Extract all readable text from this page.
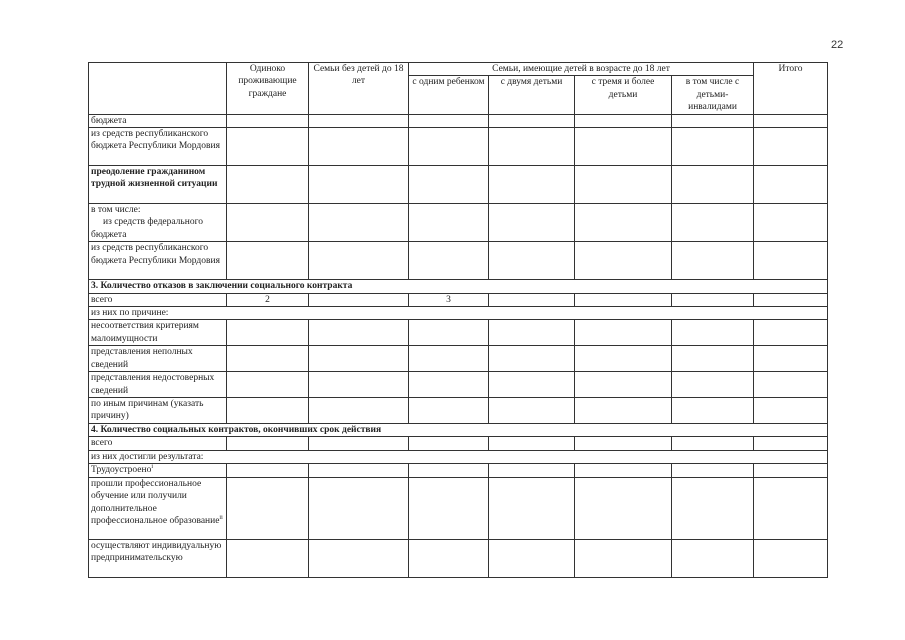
22
	Одиноко проживающие граждане	Семьи без детей до 18 лет	Семьи, имеющие детей в возрасте до 18 лет				Итого
			с одним ребенком	с двумя детьми	с тремя и более детьми	в том числе с детьми-инвалидами	
бюджета							
из средств республиканского бюджета Республики Мордовия							
преодоление гражданином трудной жизненной ситуации							
в том числе:
из средств федерального бюджета							
из средств республиканского бюджета Республики Мордовия							
3. Количество отказов в заключении социального контракта							
всего	2		3				
из них по причине:							
несоответствия критериям малоимущности							
представления неполных сведений							
представления недостоверных сведений							
по иным причинам (указать причину)							
4. Количество социальных контрактов, окончивших срок действия							
всего							
из них достигли результата:							
Трудоустроено$^i$							
прошли профессиональное обучение или получили дополнительное профессиональное образование$^{ii}$							
осуществляют индивидуальную предпринимательскую							
